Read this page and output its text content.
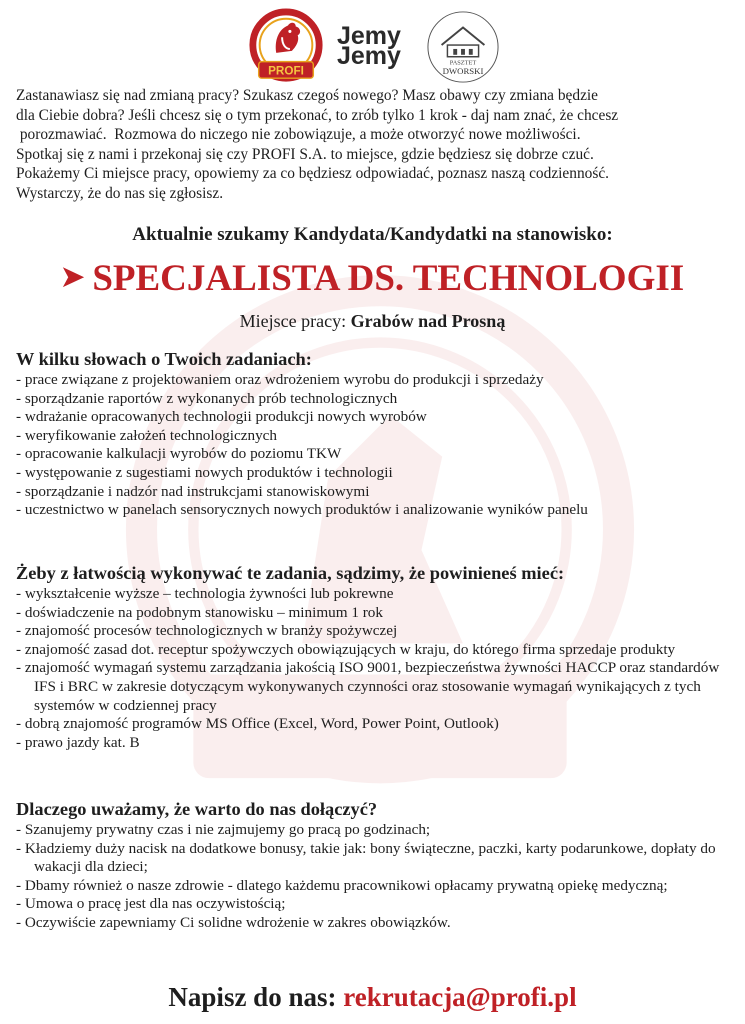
PROFI
Jemy
Jemy	PASZTET
DWORSKI
Zastanawiasz się nad zmianą pracy? Szukasz czegoś nowego? Masz obawy czy zmiana będzie
dla Ciebie dobra? Jeśli chcesz się o tym przekonać, to zrób tylko 1 krok - daj nam znać, że chcesz
porozmawiać.  Rozmowa do niczego nie zobowiązuje, a może otworzyć nowe możliwości.
Spotkaj się z nami i przekonaj się czy PROFI S.A. to miejsce, gdzie będziesz się dobrze czuć.
Pokażemy Ci miejsce pracy, opowiemy za co będziesz odpowiadać, poznasz naszą codzienność.
Wystarczy, że do nas się zgłosisz.

Aktualnie szukamy Kandydata/Kandydatki na stanowisko:

➤ SPECJALISTA DS. TECHNOLOGII

Miejsce pracy: Grabów nad Prosną

W kilku słowach o Twoich zadaniach:
- prace związane z projektowaniem oraz wdrożeniem wyrobu do produkcji i sprzedaży
- sporządzanie raportów z wykonanych prób technologicznych
- wdrażanie opracowanych technologii produkcji nowych wyrobów
- weryfikowanie założeń technologicznych
- opracowanie kalkulacji wyrobów do poziomu TKW
- występowanie z sugestiami nowych produktów i technologii
- sporządzanie i nadzór nad instrukcjami stanowiskowymi
- uczestnictwo w panelach sensorycznych nowych produktów i analizowanie wyników panelu
Żeby z łatwością wykonywać te zadania, sądzimy, że powinieneś mieć:
- wykształcenie wyższe – technologia żywności lub pokrewne
- doświadczenie na podobnym stanowisku – minimum 1 rok
- znajomość procesów technologicznych w branży spożywczej
- znajomość zasad dot. receptur spożywczych obowiązujących w kraju, do którego firma sprzedaje produkty
- znajomość wymagań systemu zarządzania jakością ISO 9001, bezpieczeństwa żywności HACCP oraz standardów IFS i BRC w zakresie dotyczącym wykonywanych czynności oraz stosowanie wymagań wynikających z tych systemów w codziennej pracy
- dobrą znajomość programów MS Office (Excel, Word, Power Point, Outlook)
- prawo jazdy kat. B
Dlaczego uważamy, że warto do nas dołączyć?
- Szanujemy prywatny czas i nie zajmujemy go pracą po godzinach;
- Kładziemy duży nacisk na dodatkowe bonusy, takie jak: bony świąteczne, paczki, karty podarunkowe, dopłaty do wakacji dla dzieci;
- Dbamy również o nasze zdrowie - dlatego każdemu pracownikowi opłacamy prywatną opiekę medyczną;
- Umowa o pracę jest dla nas oczywistością;
- Oczywiście zapewniamy Ci solidne wdrożenie w zakres obowiązków.

Napisz do nas: rekrutacja@profi.pl
